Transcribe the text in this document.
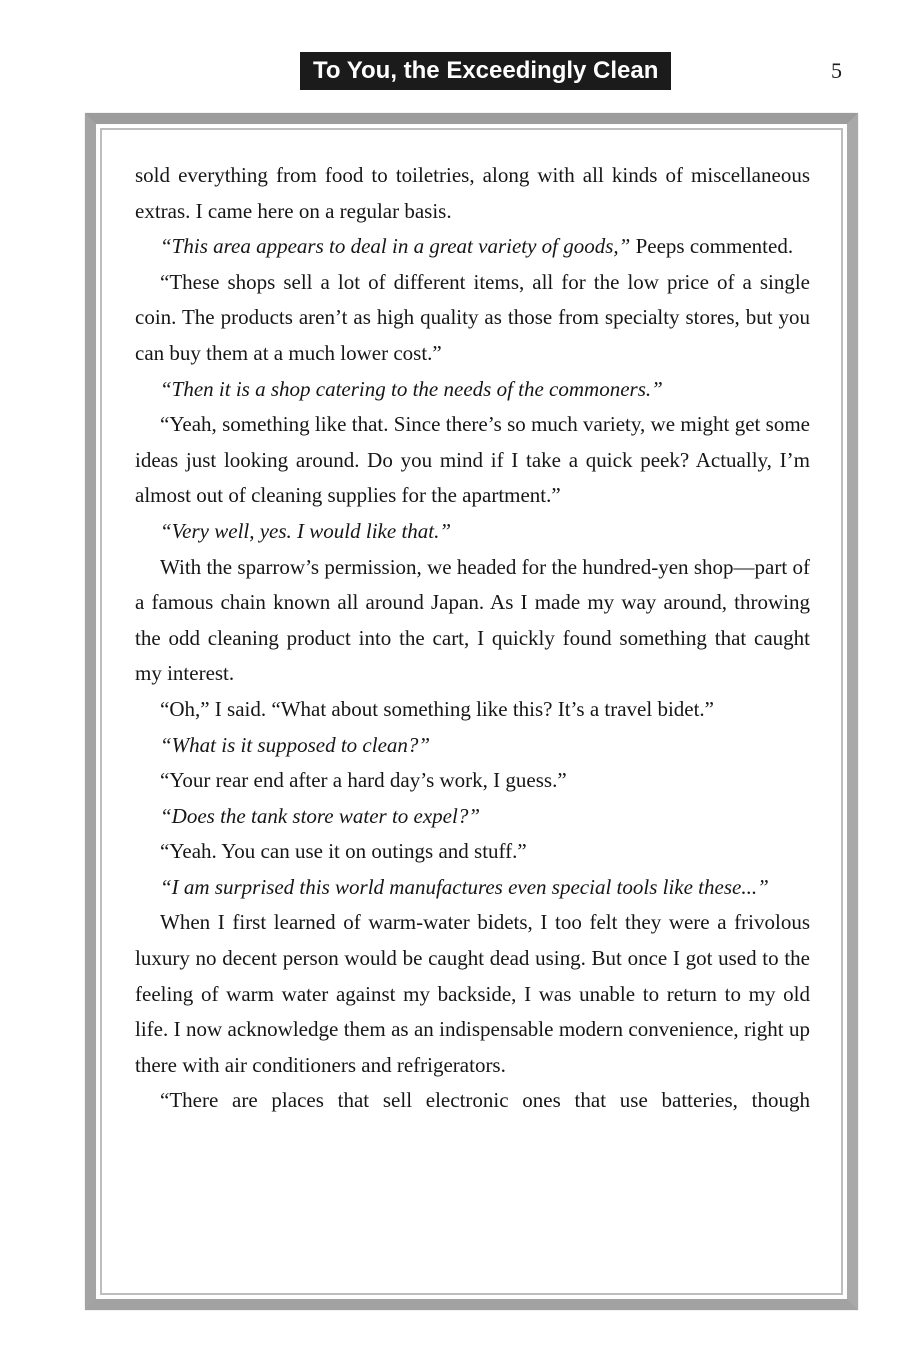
To You, the Exceedingly Clean	5

sold everything from food to toiletries, along with all kinds of miscellaneous extras. I came here on a regular basis.

“This area appears to deal in a great variety of goods,” Peeps commented.

“These shops sell a lot of different items, all for the low price of a single coin. The products aren’t as high quality as those from specialty stores, but you can buy them at a much lower cost.”

“Then it is a shop catering to the needs of the commoners.”

“Yeah, something like that. Since there’s so much variety, we might get some ideas just looking around. Do you mind if I take a quick peek? Actually, I’m almost out of cleaning supplies for the apartment.”

“Very well, yes. I would like that.”

With the sparrow’s permission, we headed for the hundred-yen shop—part of a famous chain known all around Japan. As I made my way around, throwing the odd cleaning product into the cart, I quickly found something that caught my interest.

“Oh,” I said. “What about something like this? It’s a travel bidet.”

“What is it supposed to clean?”

“Your rear end after a hard day’s work, I guess.”

“Does the tank store water to expel?”

“Yeah. You can use it on outings and stuff.”

“I am surprised this world manufactures even special tools like these...”

When I first learned of warm-water bidets, I too felt they were a frivolous luxury no decent person would be caught dead using. But once I got used to the feeling of warm water against my backside, I was unable to return to my old life. I now acknowledge them as an indispensable modern convenience, right up there with air conditioners and refrigerators.

“There are places that sell electronic ones that use batteries, though
